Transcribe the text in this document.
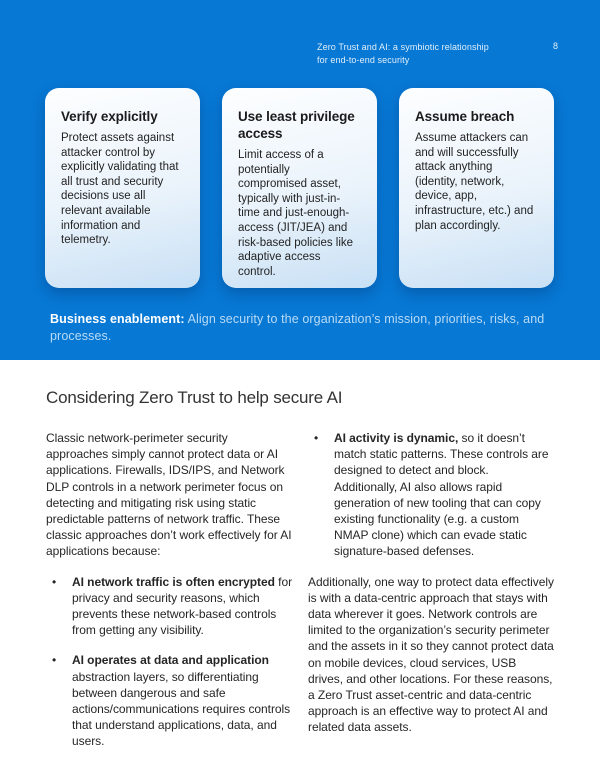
Zero Trust and AI: a symbiotic relationship for end-to-end security
8
Verify explicitly
Protect assets against attacker control by explicitly validating that all trust and security decisions use all relevant available information and telemetry.
Use least privilege access
Limit access of a potentially compromised asset, typically with just-in-time and just-enough-access (JIT/JEA) and risk-based policies like adaptive access control.
Assume breach
Assume attackers can and will successfully attack anything (identity, network, device, app, infrastructure, etc.) and plan accordingly.
Business enablement: Align security to the organization’s mission, priorities, risks, and processes.
Considering Zero Trust to help secure AI

Classic network-perimeter security approaches simply cannot protect data or AI applications. Firewalls, IDS/IPS, and Network DLP controls in a network perimeter focus on detecting and mitigating risk using static predictable patterns of network traffic. These classic approaches don’t work effectively for AI applications because:

• AI network traffic is often encrypted for privacy and security reasons, which prevents these network-based controls from getting any visibility.
• AI operates at data and application abstraction layers, so differentiating between dangerous and safe actions/communications requires controls that understand applications, data, and users.
• AI activity is dynamic, so it doesn’t match static patterns. These controls are designed to detect and block. Additionally, AI also allows rapid generation of new tooling that can copy existing functionality (e.g. a custom NMAP clone) which can evade static signature-based defenses.

Additionally, one way to protect data effectively is with a data-centric approach that stays with data wherever it goes. Network controls are limited to the organization’s security perimeter and the assets in it so they cannot protect data on mobile devices, cloud services, USB drives, and other locations. For these reasons, a Zero Trust asset-centric and data-centric approach is an effective way to protect AI and related data assets.
